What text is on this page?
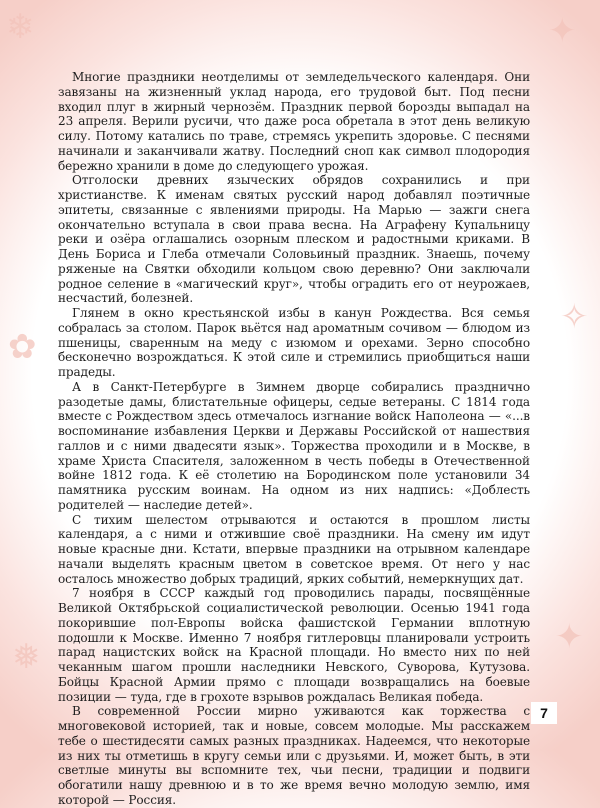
❄	✦
✿
✧
❅	✦

Многие праздники неотделимы от земледельческого календаря. Они завязаны на жизненный уклад народа, его трудовой быт. Под песни входил плуг в жирный чернозём. Праздник первой борозды выпадал на 23 апреля. Верили русичи, что даже роса обретала в этот день великую силу. Потому катались по траве, стремясь укрепить здоровье. С песнями начинали и заканчивали жатву. Последний сноп как символ плодородия бережно хранили в доме до следующего урожая.

Отголоски древних языческих обрядов сохранились и при христианстве. К именам святых русский народ добавлял поэтичные эпитеты, связанные с явлениями природы. На Марью — зажги снега окончательно вступала в свои права весна. На Аграфену Купальницу реки и озёра оглашались озорным плеском и радостными криками. В День Бориса и Глеба отмечали Соловьиный праздник. Знаешь, почему ряженые на Святки обходили кольцом свою деревню? Они заключали родное селение в «магический круг», чтобы оградить его от неурожаев, несчастий, болезней.

Глянем в окно крестьянской избы в канун Рождества. Вся семья собралась за столом. Парок вьётся над ароматным сочивом — блюдом из пшеницы, сваренным на меду с изюмом и орехами. Зерно способно бесконечно возрождаться. К этой силе и стремились приобщиться наши прадеды.

А в Санкт-Петербурге в Зимнем дворце собирались празднично разодетые дамы, блистательные офицеры, седые ветераны. С 1814 года вместе с Рождеством здесь отмечалось изгнание войск Наполеона — «...в воспоминание избавления Церкви и Державы Российской от нашествия галлов и с ними двадесяти язык». Торжества проходили и в Москве, в храме Христа Спасителя, заложенном в честь победы в Отечественной войне 1812 года. К её столетию на Бородинском поле установили 34 памятника русским воинам. На одном из них надпись: «Доблесть родителей — наследие детей».

С тихим шелестом отрываются и остаются в прошлом листы календаря, а с ними и отжившие своё праздники. На смену им идут новые красные дни. Кстати, впервые праздники на отрывном календаре начали выделять красным цветом в советское время. От него у нас осталось множество добрых традиций, ярких событий, немеркнущих дат.

7 ноября в СССР каждый год проводились парады, посвящённые Великой Октябрьской социалистической революции. Осенью 1941 года покорившие пол-Европы войска фашистской Германии вплотную подошли к Москве. Именно 7 ноября гитлеровцы планировали устроить парад нацистских войск на Красной площади. Но вместо них по ней чеканным шагом прошли наследники Невского, Суворова, Кутузова. Бойцы Красной Армии прямо с площади возвращались на боевые позиции — туда, где в грохоте взрывов рождалась Великая победа.

В современной России мирно уживаются как торжества с многовековой историей, так и новые, совсем молодые. Мы расскажем тебе о шестидесяти самых разных праздниках. Надеемся, что некоторые из них ты отметишь в кругу семьи или с друзьями. И, может быть, в эти светлые минуты вы вспомните тех, чьи песни, традиции и подвиги обогатили нашу древнюю и в то же время вечно молодую землю, имя которой — Россия.

7
